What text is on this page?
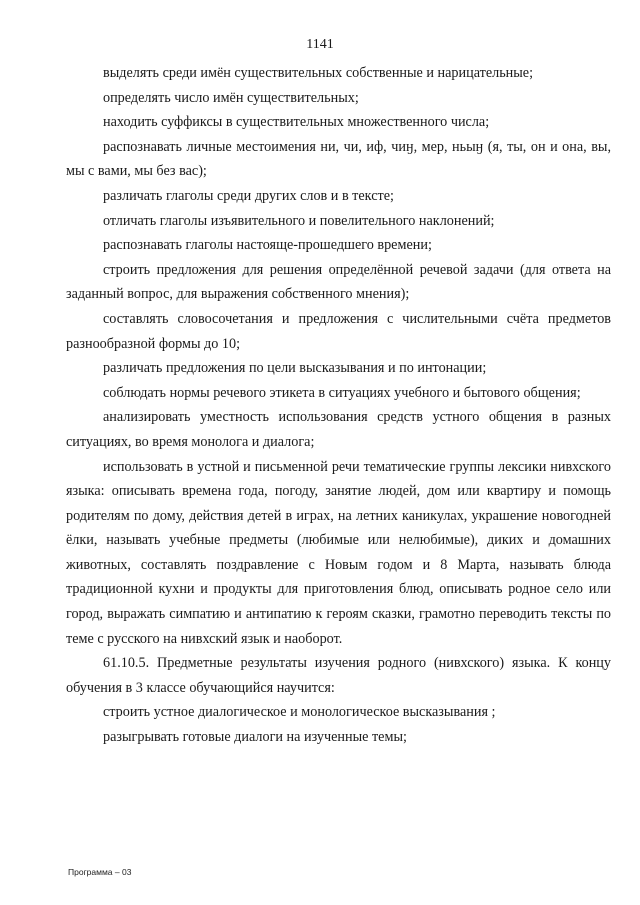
1141

выделять среди имён существительных собственные и нарицательные;

определять число имён существительных;

находить суффиксы в существительных множественного числа;

распознавать личные местоимения ни, чи, иф, чиӈ, мер, ньыӈ (я, ты, он и она, вы, мы с вами, мы без вас);

различать глаголы среди других слов и в тексте;

отличать глаголы изъявительного и повелительного наклонений;

распознавать глаголы настояще-прошедшего времени;

строить предложения для решения определённой речевой задачи (для ответа на заданный вопрос, для выражения собственного мнения);

составлять словосочетания и предложения с числительными счёта предметов разнообразной формы до 10;

различать предложения по цели высказывания и по интонации;

соблюдать нормы речевого этикета в ситуациях учебного и бытового общения;

анализировать уместность использования средств устного общения в разных ситуациях, во время монолога и диалога;

использовать в устной и письменной речи тематические группы лексики нивхского языка: описывать времена года, погоду, занятие людей, дом или квартиру и помощь родителям по дому, действия детей в играх, на летних каникулах, украшение новогодней ёлки, называть учебные предметы (любимые или нелюбимые), диких и домашних животных, составлять поздравление с Новым годом и 8 Марта, называть блюда традиционной кухни и продукты для приготовления блюд, описывать родное село или город, выражать симпатию и антипатию к героям сказки, грамотно переводить тексты по теме с русского на нивхский язык и наоборот.

61.10.5. Предметные результаты изучения родного (нивхского) языка. К концу обучения в 3 классе обучающийся научится:

строить устное диалогическое и монологическое высказывания ;

разыгрывать готовые диалоги на изученные темы;

Программа – 03
